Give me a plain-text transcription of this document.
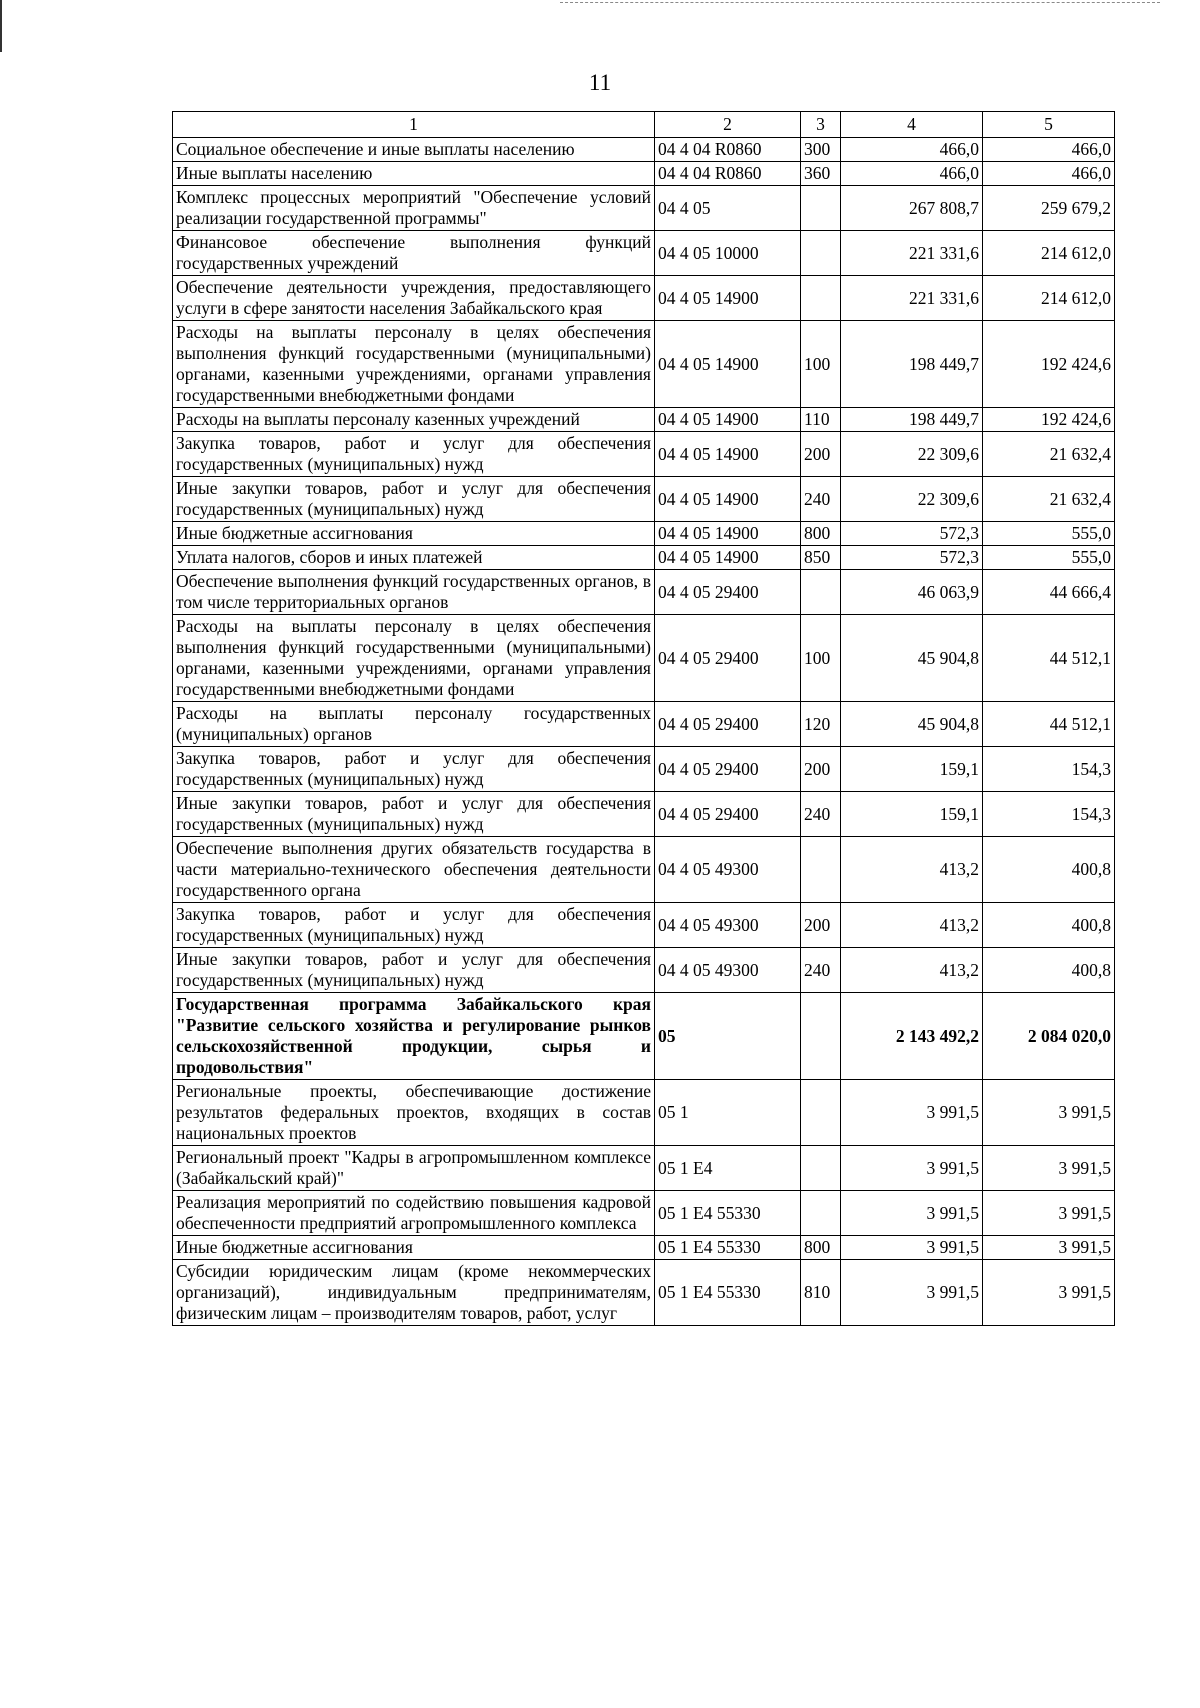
11
1	2	3	4	5
Социальное обеспечение и иные выплаты населению	04 4 04 R0860	300	466,0	466,0
Иные выплаты населению	04 4 04 R0860	360	466,0	466,0
Комплекс процессных мероприятий "Обеспечение условий реализации государственной программы"	04 4 05		267 808,7	259 679,2
Финансовое обеспечение выполнения функций государственных учреждений	04 4 05 10000		221 331,6	214 612,0
Обеспечение деятельности учреждения, предоставляющего услуги в сфере занятости населения Забайкальского края	04 4 05 14900		221 331,6	214 612,0
Расходы на выплаты персоналу в целях обеспечения выполнения функций государственными (муниципальными) органами, казенными учреждениями, органами управления государственными внебюджетными фондами	04 4 05 14900	100	198 449,7	192 424,6
Расходы на выплаты персоналу казенных учреждений	04 4 05 14900	110	198 449,7	192 424,6
Закупка товаров, работ и услуг для обеспечения государственных (муниципальных) нужд	04 4 05 14900	200	22 309,6	21 632,4
Иные закупки товаров, работ и услуг для обеспечения государственных (муниципальных) нужд	04 4 05 14900	240	22 309,6	21 632,4
Иные бюджетные ассигнования	04 4 05 14900	800	572,3	555,0
Уплата налогов, сборов и иных платежей	04 4 05 14900	850	572,3	555,0
Обеспечение выполнения функций государственных органов, в том числе территориальных органов	04 4 05 29400		46 063,9	44 666,4
Расходы на выплаты персоналу в целях обеспечения выполнения функций государственными (муниципальными) органами, казенными учреждениями, органами управления государственными внебюджетными фондами	04 4 05 29400	100	45 904,8	44 512,1
Расходы на выплаты персоналу государственных (муниципальных) органов	04 4 05 29400	120	45 904,8	44 512,1
Закупка товаров, работ и услуг для обеспечения государственных (муниципальных) нужд	04 4 05 29400	200	159,1	154,3
Иные закупки товаров, работ и услуг для обеспечения государственных (муниципальных) нужд	04 4 05 29400	240	159,1	154,3
Обеспечение выполнения других обязательств государства в части материально-технического обеспечения деятельности государственного органа	04 4 05 49300		413,2	400,8
Закупка товаров, работ и услуг для обеспечения государственных (муниципальных) нужд	04 4 05 49300	200	413,2	400,8
Иные закупки товаров, работ и услуг для обеспечения государственных (муниципальных) нужд	04 4 05 49300	240	413,2	400,8
Государственная программа Забайкальского края "Развитие сельского хозяйства и регулирование рынков сельскохозяйственной продукции, сырья и продовольствия"	05		2 143 492,2	2 084 020,0
Региональные проекты, обеспечивающие достижение результатов федеральных проектов, входящих в состав национальных проектов	05 1		3 991,5	3 991,5
Региональный проект "Кадры в агропромышленном комплексе (Забайкальский край)"	05 1 Е4		3 991,5	3 991,5
Реализация мероприятий по содействию повышения кадровой обеспеченности предприятий агропромышленного комплекса	05 1 Е4 55330		3 991,5	3 991,5
Иные бюджетные ассигнования	05 1 Е4 55330	800	3 991,5	3 991,5
Субсидии юридическим лицам (кроме некоммерческих организаций), индивидуальным предпринимателям, физическим лицам – производителям товаров, работ, услуг	05 1 Е4 55330	810	3 991,5	3 991,5
